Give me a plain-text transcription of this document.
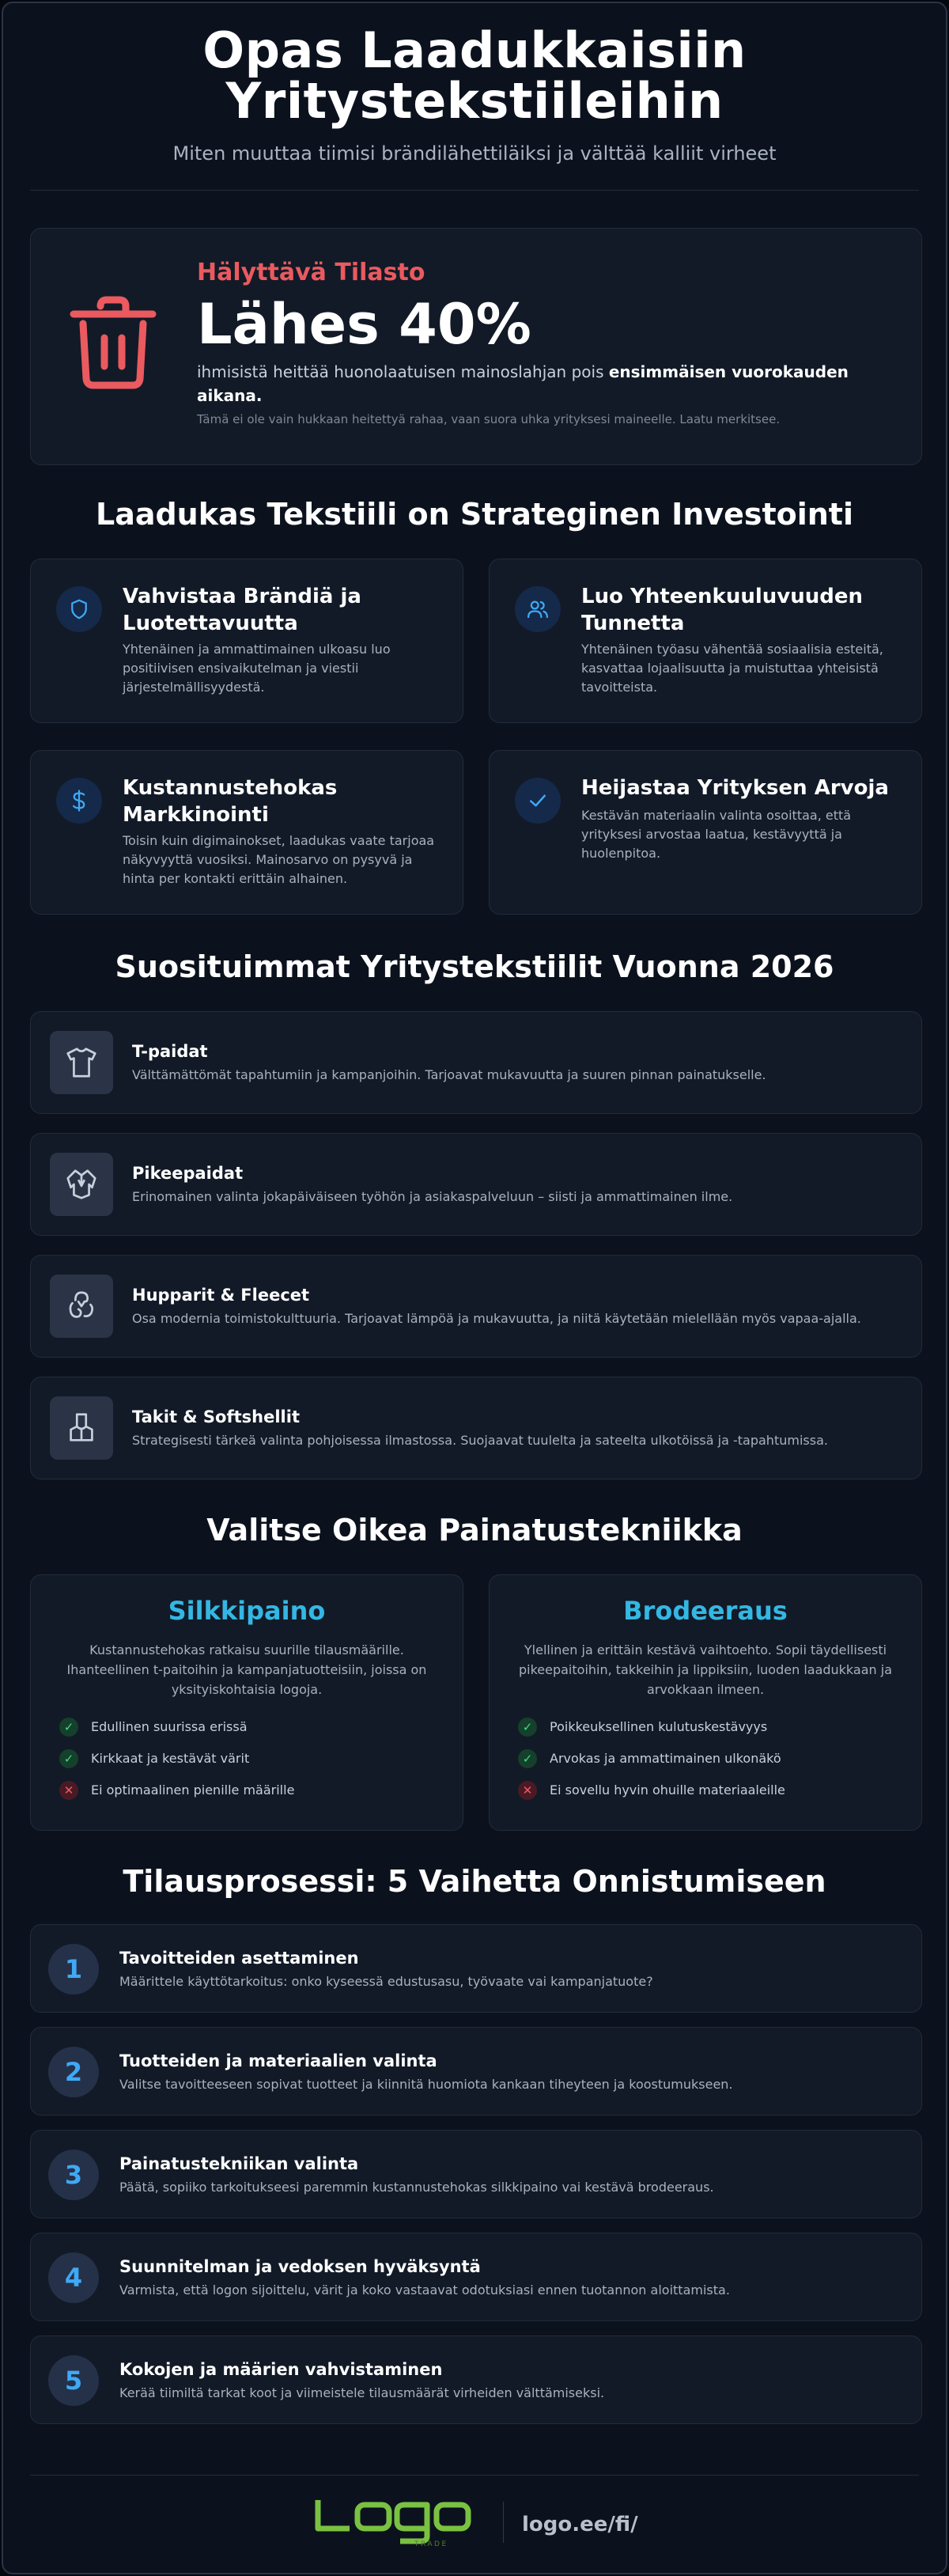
Opas Laadukkaisiin
Yritystekstiileihin
Miten muuttaa tiimisi brändilähettiläiksi ja välttää kalliit virheet
Hälyttävä Tilasto
Lähes 40%
ihmisistä heittää huonolaatuisen mainoslahjan pois ensimmäisen vuorokauden aikana.
Tämä ei ole vain hukkaan heitettyä rahaa, vaan suora uhka yrityksesi maineelle. Laatu merkitsee.
Laadukas Tekstiili on Strateginen Investointi
Vahvistaa Brändiä ja Luotettavuutta
Yhtenäinen ja ammattimainen ulkoasu luo positiivisen ensivaikutelman ja viestii järjestelmällisyydestä.
Luo Yhteenkuuluvuuden Tunnetta
Yhtenäinen työasu vähentää sosiaalisia esteitä, kasvattaa lojaalisuutta ja muistuttaa yhteisistä tavoitteista.
Kustannustehokas Markkinointi
Toisin kuin digimainokset, laadukas vaate tarjoaa näkyvyyttä vuosiksi. Mainosarvo on pysyvä ja hinta per kontakti erittäin alhainen.
Heijastaa Yrityksen Arvoja
Kestävän materiaalin valinta osoittaa, että yrityksesi arvostaa laatua, kestävyyttä ja huolenpitoa.
Suosituimmat Yritystekstiilit Vuonna 2026
T-paidat
Välttämättömät tapahtumiin ja kampanjoihin. Tarjoavat mukavuutta ja suuren pinnan painatukselle.
Pikeepaidat
Erinomainen valinta jokapäiväiseen työhön ja asiakaspalveluun – siisti ja ammattimainen ilme.
Hupparit & Fleecet
Osa modernia toimistokulttuuria. Tarjoavat lämpöä ja mukavuutta, ja niitä käytetään mielellään myös vapaa-ajalla.
Takit & Softshellit
Strategisesti tärkeä valinta pohjoisessa ilmastossa. Suojaavat tuulelta ja sateelta ulkotöissä ja -tapahtumissa.
Valitse Oikea Painatustekniikka
Silkkipaino
Kustannustehokas ratkaisu suurille tilausmäärille. Ihanteellinen t-paitoihin ja kampanjatuotteisiin, joissa on yksityiskohtaisia logoja.
✓	Edullinen suurissa erissä
✓	Kirkkaat ja kestävät värit
✕	Ei optimaalinen pienille määrille
Brodeeraus
Ylellinen ja erittäin kestävä vaihtoehto. Sopii täydellisesti pikeepaitoihin, takkeihin ja lippiksiin, luoden laadukkaan ja arvokkaan ilmeen.
✓	Poikkeuksellinen kulutuskestävyys
✓	Arvokas ja ammattimainen ulkonäkö
✕	Ei sovellu hyvin ohuille materiaaleille
Tilausprosessi: 5 Vaihetta Onnistumiseen
1	Tavoitteiden asettaminen
Määrittele käyttötarkoitus: onko kyseessä edustusasu, työvaate vai kampanjatuote?
2	Tuotteiden ja materiaalien valinta
Valitse tavoitteeseen sopivat tuotteet ja kiinnitä huomiota kankaan tiheyteen ja koostumukseen.
3	Painatustekniikan valinta
Päätä, sopiiko tarkoitukseesi paremmin kustannustehokas silkkipaino vai kestävä brodeeraus.
4	Suunnitelman ja vedoksen hyväksyntä
Varmista, että logon sijoittelu, värit ja koko vastaavat odotuksiasi ennen tuotannon aloittamista.
5	Kokojen ja määrien vahvistaminen
Kerää tiimiltä tarkat koot ja viimeistele tilausmäärät virheiden välttämiseksi.
TRADE
logo.ee/fi/
